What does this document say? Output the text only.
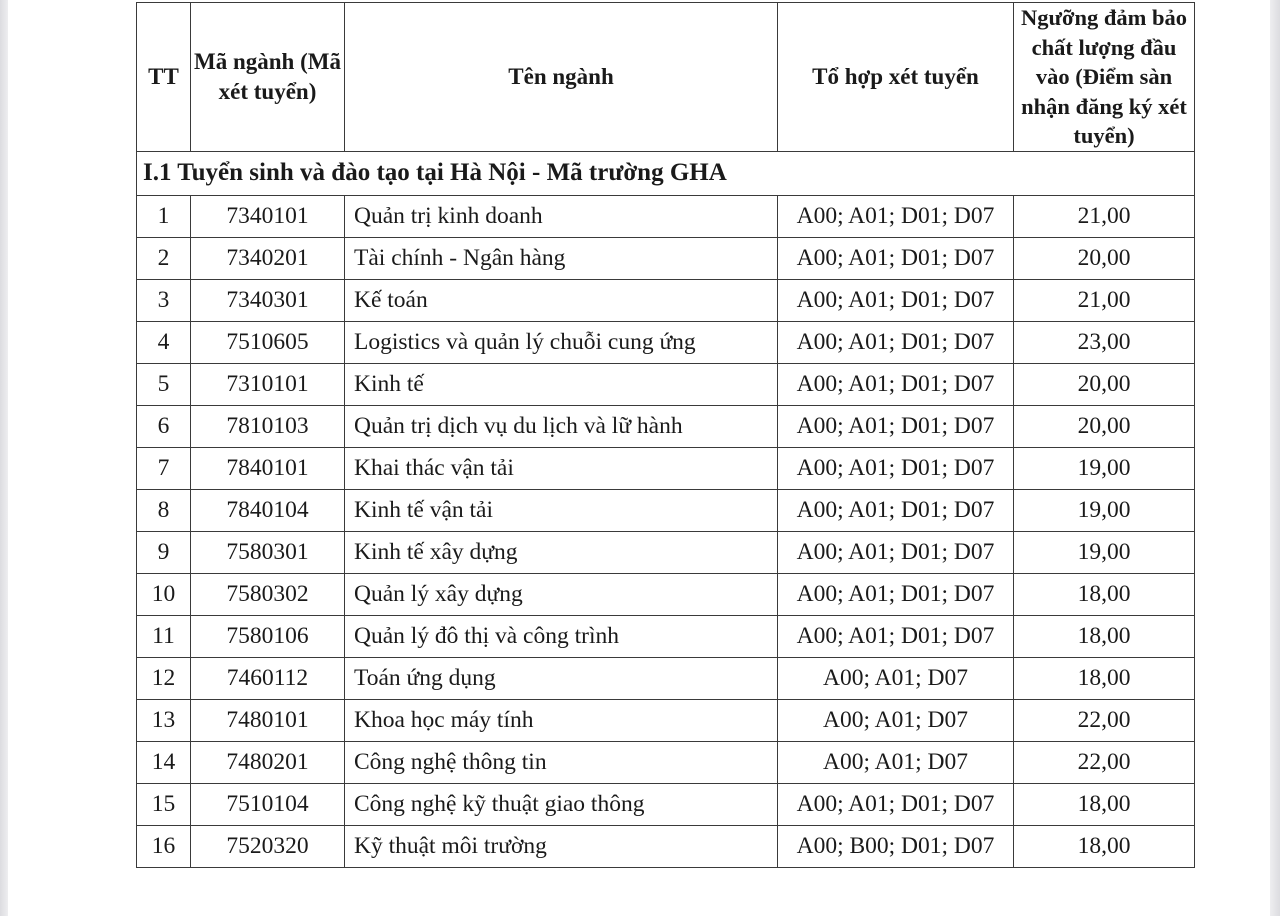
TT	Mã ngành (Mã xét tuyển)	Tên ngành	Tổ hợp xét tuyển	Ngưỡng đảm bảo chất lượng đầu vào (Điểm sàn nhận đăng ký xét tuyển)
I.1 Tuyển sinh và đào tạo tại Hà Nội - Mã trường GHA				
1	7340101	Quản trị kinh doanh	A00; A01; D01; D07	21,00
2	7340201	Tài chính - Ngân hàng	A00; A01; D01; D07	20,00
3	7340301	Kế toán	A00; A01; D01; D07	21,00
4	7510605	Logistics và quản lý chuỗi cung ứng	A00; A01; D01; D07	23,00
5	7310101	Kinh tế	A00; A01; D01; D07	20,00
6	7810103	Quản trị dịch vụ du lịch và lữ hành	A00; A01; D01; D07	20,00
7	7840101	Khai thác vận tải	A00; A01; D01; D07	19,00
8	7840104	Kinh tế vận tải	A00; A01; D01; D07	19,00
9	7580301	Kinh tế xây dựng	A00; A01; D01; D07	19,00
10	7580302	Quản lý xây dựng	A00; A01; D01; D07	18,00
11	7580106	Quản lý đô thị và công trình	A00; A01; D01; D07	18,00
12	7460112	Toán ứng dụng	A00; A01; D07	18,00
13	7480101	Khoa học máy tính	A00; A01; D07	22,00
14	7480201	Công nghệ thông tin	A00; A01; D07	22,00
15	7510104	Công nghệ kỹ thuật giao thông	A00; A01; D01; D07	18,00
16	7520320	Kỹ thuật môi trường	A00; B00; D01; D07	18,00
